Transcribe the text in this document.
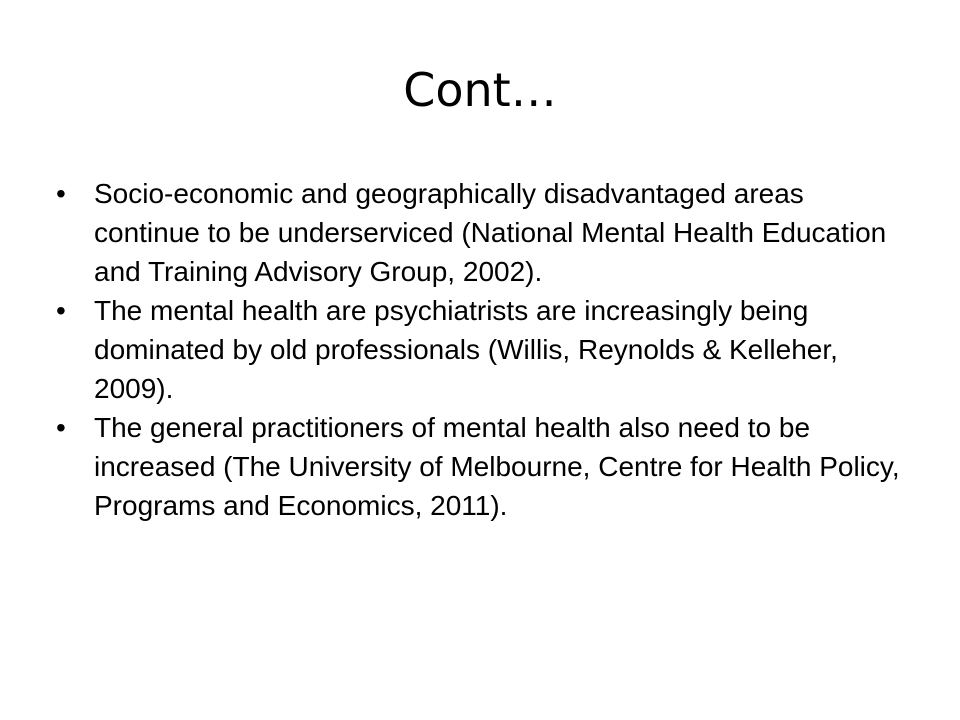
Cont…
•	Socio-economic and geographically disadvantaged areas continue to be underserviced (National Mental Health Education and Training Advisory Group, 2002).
•	The mental health are psychiatrists are increasingly being dominated by old professionals (Willis, Reynolds & Kelleher, 2009).
•	The general practitioners of mental health also need to be increased (The University of Melbourne, Centre for Health Policy, Programs and Economics, 2011).
